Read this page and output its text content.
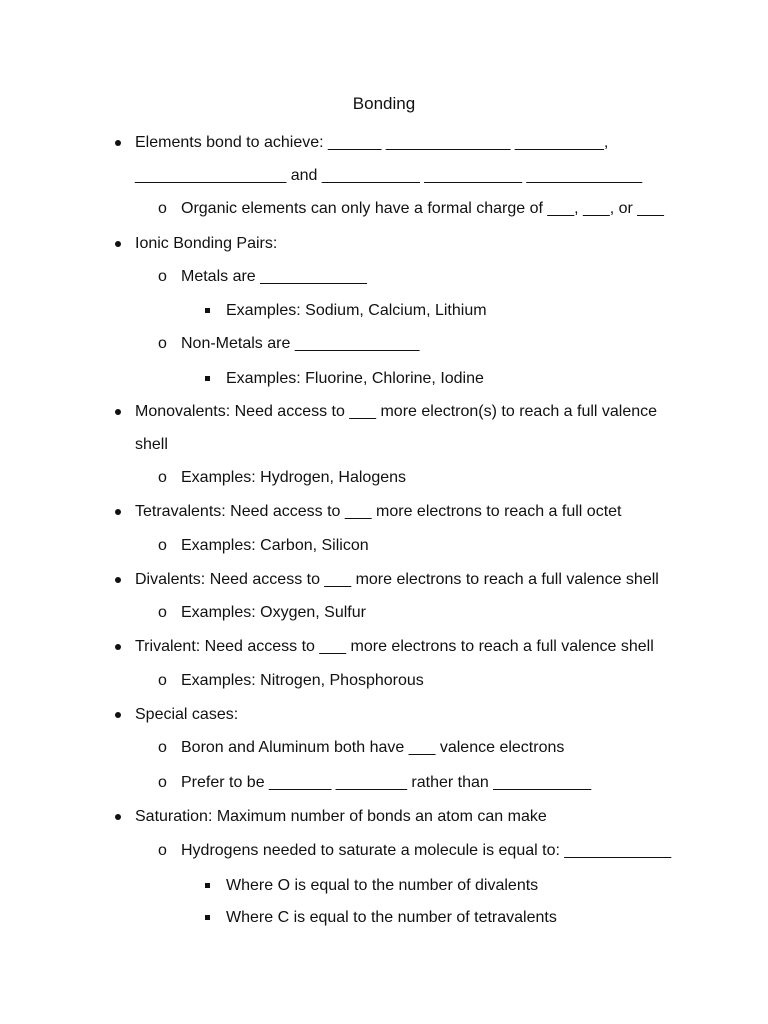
Bonding
Elements bond to achieve: ______ ______________ __________,
_________________ and ___________ ___________ _____________
o Organic elements can only have a formal charge of ___, ___, or ___
Ionic Bonding Pairs:
o Metals are ____________
Examples: Sodium, Calcium, Lithium
o Non-Metals are ______________
Examples: Fluorine, Chlorine, Iodine
Monovalents: Need access to ___ more electron(s) to reach a full valence
shell
o Examples: Hydrogen, Halogens
Tetravalents: Need access to ___ more electrons to reach a full octet
o Examples: Carbon, Silicon
Divalents: Need access to ___ more electrons to reach a full valence shell
o Examples: Oxygen, Sulfur
Trivalent: Need access to ___ more electrons to reach a full valence shell
o Examples: Nitrogen, Phosphorous
Special cases:
o Boron and Aluminum both have ___ valence electrons
o Prefer to be _______ ________ rather than ___________
Saturation: Maximum number of bonds an atom can make
o Hydrogens needed to saturate a molecule is equal to: ____________
Where O is equal to the number of divalents
Where C is equal to the number of tetravalents
